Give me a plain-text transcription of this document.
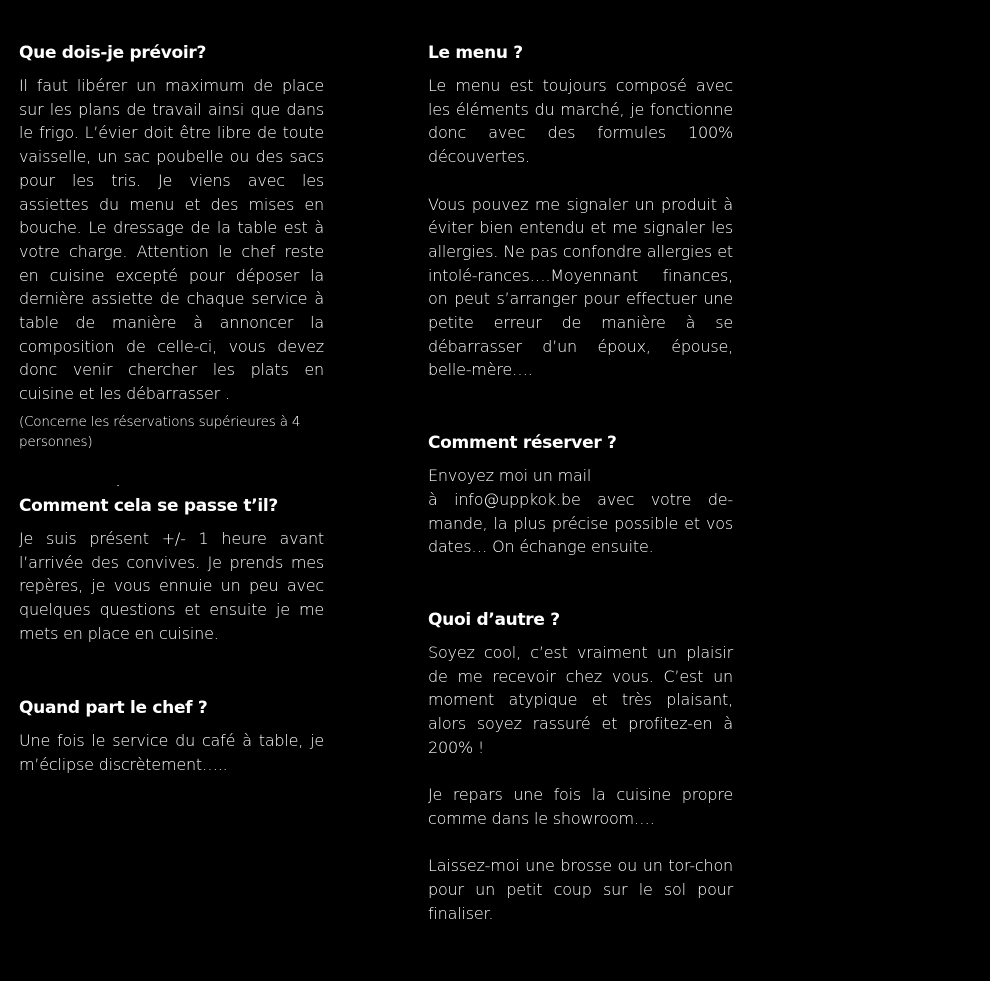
Que dois-je prévoir?

Il faut libérer un maximum de place sur les plans de travail ainsi que dans le frigo. L’évier doit être libre de toute vaisselle, un sac poubelle ou des sacs pour les tris. Je viens avec les assiettes du menu et des mises en bouche. Le dressage de la table est à votre charge. Attention le chef reste en cuisine excepté pour déposer la dernière assiette de chaque service à table de manière à annoncer la composition de celle-ci, vous devez donc venir chercher les plats en cuisine et les débarrasser .

(Concerne les réservations supérieures à 4 personnes)

Comment cela se passe t’il?

Je suis présent +/- 1 heure avant l’arrivée des convives. Je prends mes repères, je vous ennuie un peu avec quelques questions et ensuite je me mets en place en cuisine.

Quand part le chef ?

Une fois le service du café à table, je m’éclipse discrètement…..

Le menu ?

Le menu est toujours composé avec les éléments du marché, je fonctionne donc avec des formules 100% découvertes.

Vous pouvez me signaler un produit à éviter bien entendu et me signaler les allergies. Ne pas confondre allergies et intolé-rances….Moyennant finances, on peut s’arranger pour effectuer une petite erreur de manière à se débarrasser d’un époux, épouse, belle-mère….

Comment réserver ?

Envoyez moi un mail

à info@uppkok.be avec votre de-mande, la plus précise possible et vos dates… On échange ensuite.

Quoi d’autre ?

Soyez cool, c’est vraiment un plaisir de me recevoir chez vous. C’est un moment atypique et très plaisant, alors soyez rassuré et profitez-en à 200% !

Je repars une fois la cuisine propre comme dans le showroom….

Laissez-moi une brosse ou un tor-chon pour un petit coup sur le sol pour finaliser.
